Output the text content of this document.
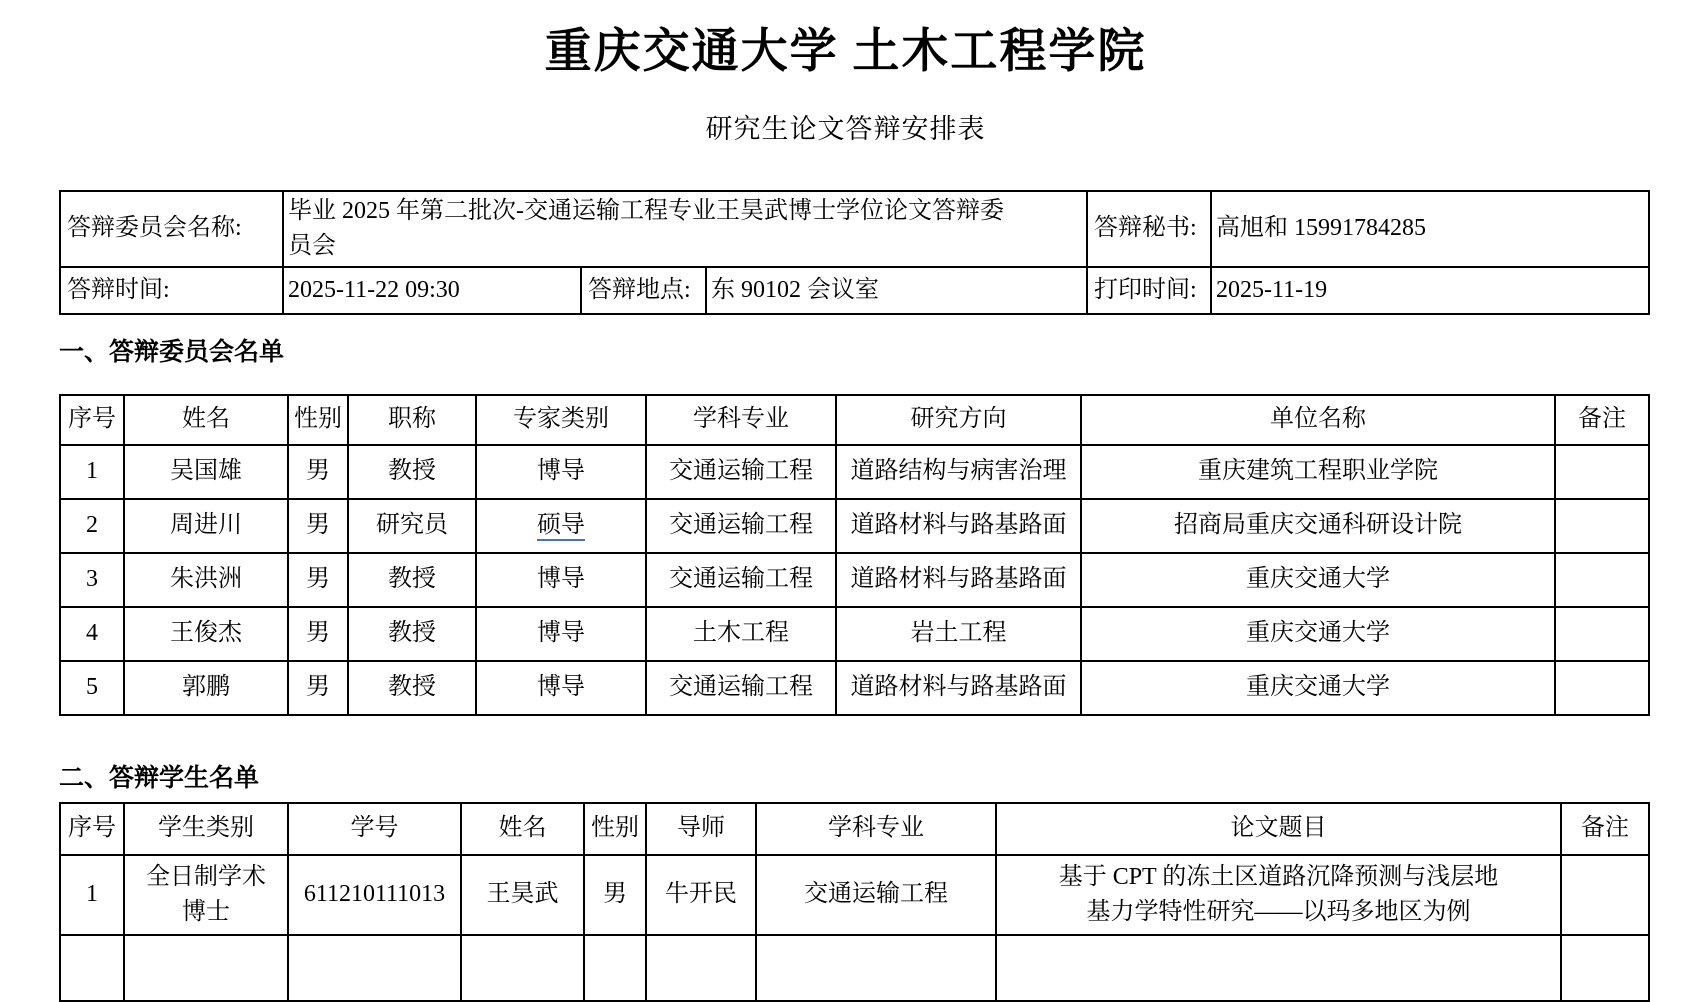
重庆交通大学 土木工程学院
研究生论文答辩安排表
答辩委员会名称:	毕业 2025 年第二批次-交通运输工程专业王昊武博士学位论文答辩委员会			答辩秘书:	高旭和 15991784285
答辩时间:	2025-11-22 09:30	答辩地点:	东 90102 会议室	打印时间:	2025-11-19
一、答辩委员会名单
序号	姓名	性别	职称	专家类别	学科专业	研究方向	单位名称	备注
1	吴国雄	男	教授	博导	交通运输工程	道路结构与病害治理	重庆建筑工程职业学院	
2	周进川	男	研究员	硕导	交通运输工程	道路材料与路基路面	招商局重庆交通科研设计院	
3	朱洪洲	男	教授	博导	交通运输工程	道路材料与路基路面	重庆交通大学	
4	王俊杰	男	教授	博导	土木工程	岩土工程	重庆交通大学	
5	郭鹏	男	教授	博导	交通运输工程	道路材料与路基路面	重庆交通大学	
二、答辩学生名单
序号	学生类别	学号	姓名	性别	导师	学科专业	论文题目	备注
1	全日制学术博士	611210111013	王昊武	男	牛开民	交通运输工程	基于 CPT 的冻土区道路沉降预测与浅层地基力学特性研究——以玛多地区为例	
